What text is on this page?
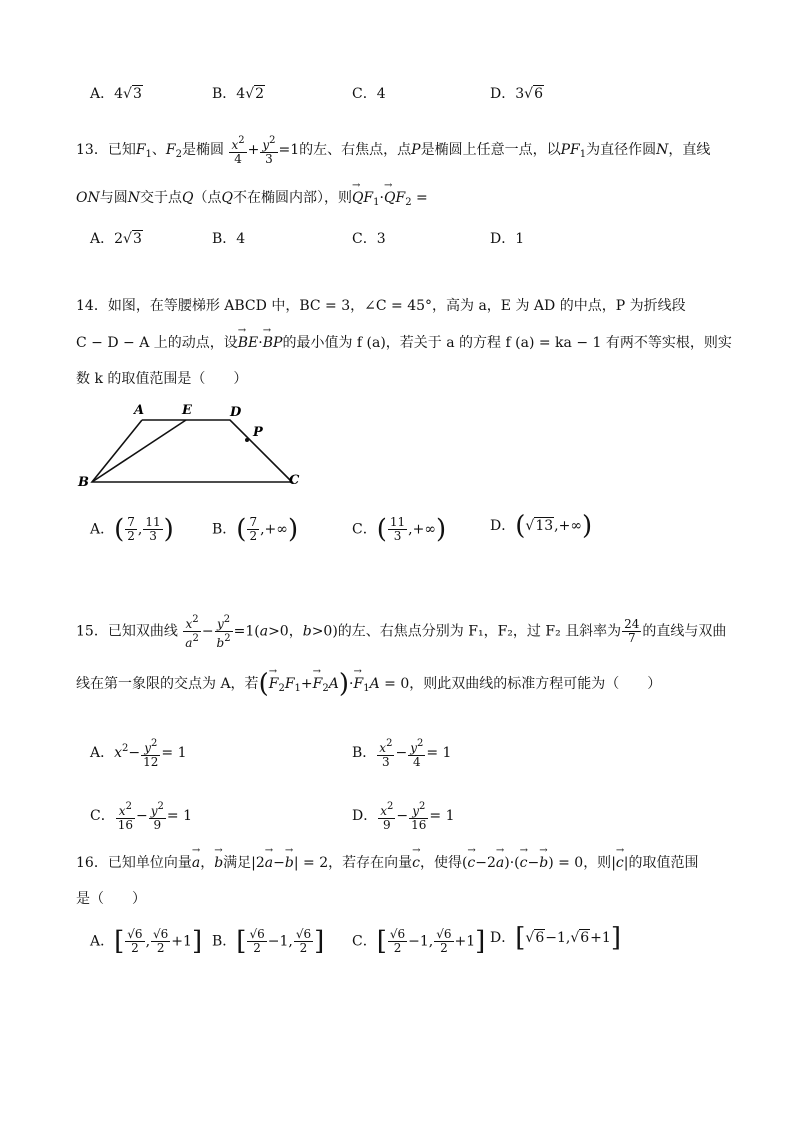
A．4√3	B．4√2	C．4	D．3√6
13．已知$F_1$、$F_2$是椭圆 $\frac{x^2}{4} + \frac{y^2}{3} =1$的左、右焦点，点P是椭圆上任意一点，以$PF_1$为直径作圆N，直线
ON与圆N交于点Q（点Q不在椭圆内部），则→ $QF_1\cdot\to QF_2$ =
A．2√3	B．4	C．3	D．1
14．如图，在等腰梯形 ABCD 中，BC = 3，∠C = 45°，高为 a，E 为 AD 的中点，P 为折线段
C − D − A 上的动点，设→ BE·→ BP的最小值为 f (a)，若关于 a 的方程 f (a) = ka − 1 有两不等实根，则实
数 k 的取值范围是（　　）
A	E	D
P
B	C
A．( $\frac{7}{2}$ , $\frac{11}{3}$ )	B．( $\frac{7}{2}$ ,+∞)	C．( $\frac{11}{3}$ ,+∞)	D．(√13,+∞)
15．已知双曲线 $\frac{x^2}{a^2} - \frac{y^2}{b^2} =1(a>0$，b>0)的左、右焦点分别为 F₁，F₂，过 F₂ 且斜率为 $\frac{24}{7}$ 的直线与双曲
线在第一象限的交点为 A，若(→ $F_2F_1+\to F_2A)\cdot\to F_1A = 0$，则此双曲线的标准方程可能为（　　）
A．$x^2- \frac{y^2}{12} = 1$	B． $\frac{x^2}{3} - \frac{y^2}{4} = 1$
C． $\frac{x^2}{16} - \frac{y^2}{9} = 1$	D． $\frac{x^2}{9} - \frac{y^2}{16} = 1$
16．已知单位向量→ a，→ b满足|2→ a−→ b| = 2，若存在向量→ c，使得(→ c−2→ a)·(→ c−→ b) = 0，则|→ c|的取值范围
是（　　）
A．[ $\frac{√6}{2}$ , $\frac{√6}{2} +1$] B．[ $\frac{√6}{2} -1$, $\frac{√6}{2}$ ] C．[ $\frac{√6}{2} -1$, $\frac{√6}{2} +1$] D．[√6−1,√6+1]
